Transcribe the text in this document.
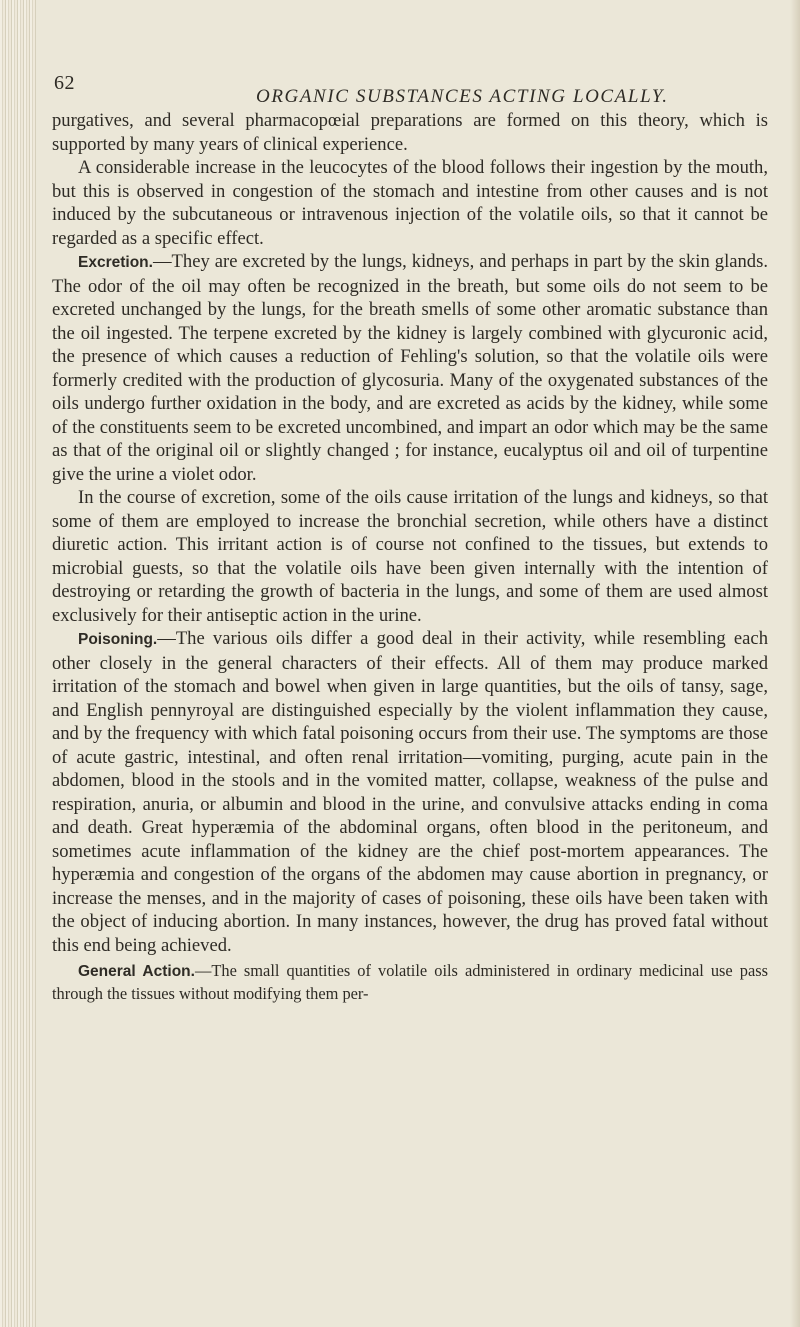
62
ORGANIC SUBSTANCES ACTING LOCALLY.

purgatives, and several pharmacopœial preparations are formed on this theory, which is supported by many years of clinical experience.

A considerable increase in the leucocytes of the blood follows their ingestion by the mouth, but this is observed in congestion of the stomach and intestine from other causes and is not induced by the subcutaneous or intravenous injection of the volatile oils, so that it cannot be regarded as a specific effect.

Excretion.—They are excreted by the lungs, kidneys, and perhaps in part by the skin glands. The odor of the oil may often be recognized in the breath, but some oils do not seem to be excreted unchanged by the lungs, for the breath smells of some other aromatic substance than the oil ingested. The terpene excreted by the kidney is largely combined with glycuronic acid, the presence of which causes a reduction of Fehling's solution, so that the volatile oils were formerly credited with the production of glycosuria. Many of the oxygenated substances of the oils undergo further oxidation in the body, and are excreted as acids by the kidney, while some of the constituents seem to be excreted uncombined, and impart an odor which may be the same as that of the original oil or slightly changed ; for instance, eucalyptus oil and oil of turpentine give the urine a violet odor.

In the course of excretion, some of the oils cause irritation of the lungs and kidneys, so that some of them are employed to increase the bronchial secretion, while others have a distinct diuretic action. This irritant action is of course not confined to the tissues, but extends to microbial guests, so that the volatile oils have been given internally with the intention of destroying or retarding the growth of bacteria in the lungs, and some of them are used almost exclusively for their antiseptic action in the urine.

Poisoning.—The various oils differ a good deal in their activity, while resembling each other closely in the general characters of their effects. All of them may produce marked irritation of the stomach and bowel when given in large quantities, but the oils of tansy, sage, and English pennyroyal are distinguished especially by the violent inflammation they cause, and by the frequency with which fatal poisoning occurs from their use. The symptoms are those of acute gastric, intestinal, and often renal irritation—vomiting, purging, acute pain in the abdomen, blood in the stools and in the vomited matter, collapse, weakness of the pulse and respiration, anuria, or albumin and blood in the urine, and convulsive attacks ending in coma and death. Great hyperæmia of the abdominal organs, often blood in the peritoneum, and sometimes acute inflammation of the kidney are the chief post-mortem appearances. The hyperæmia and congestion of the organs of the abdomen may cause abortion in pregnancy, or increase the menses, and in the majority of cases of poisoning, these oils have been taken with the object of inducing abortion. In many instances, however, the drug has proved fatal without this end being achieved.

General Action.—The small quantities of volatile oils administered in ordinary medicinal use pass through the tissues without modifying them per-
